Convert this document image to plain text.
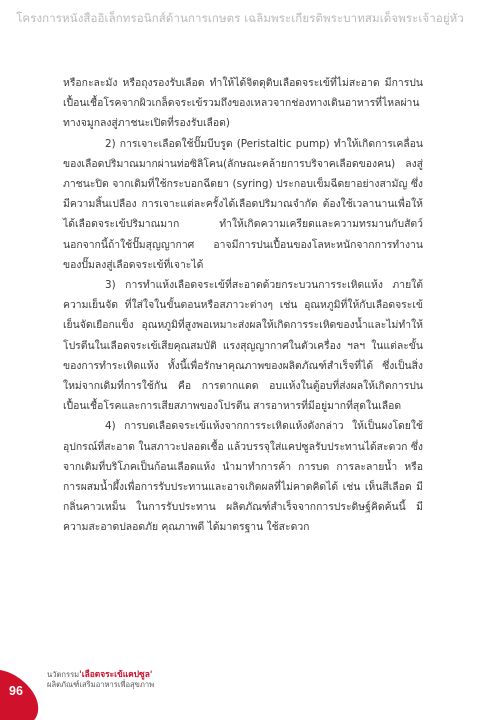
โครงการหนังสืออิเล็กทรอนิกส์ด้านการเกษตร เฉลิมพระเกียรติพระบาทสมเด็จพระเจ้าอยู่หัว

หรือกะละมัง หรือถุงรองรับเลือด ทำให้ได้จิตดุติบเลือดจระเข้ที่ไม่สะอาด มีการปนเปื้อนเชื้อโรคจากผิวเกล็ดจระเข้รวมถึงของเหลวจากช่องทางเดินอาหารที่ไหลผ่านทางจมูกลงสู่ภาชนะเปิดที่รองรับเลือด)

2) การเจาะเลือดใช้ปั๊มบีบรูด (Peristaltic pump) ทำให้เกิดการเคลื่อนของเลือดปริมาณมากผ่านท่อซิลิโคน(ลักษณะคล้ายการบริจาคเลือดของคน) ลงสู่ภาชนะปิด จากเดิมที่ใช้กระบอกฉีดยา (syring) ประกอบเข็มฉีดยาอย่างสามัญ ซึ่งมีความสิ้นเปลือง การเจาะแต่ละครั้งได้เลือดปริมาณจำกัด ต้องใช้เวลานานเพื่อให้ได้เลือดจระเข้ปริมาณมาก ทำให้เกิดความเครียดและความทรมานกับสัตว์ นอกจากนี้ถ้าใช้ปั๊มสุญญากาศ อาจมีการปนเปื้อนของโลหะหนักจากการทำงานของปั๊มลงสู่เลือดจระเข้ที่เจาะได้

3) การทำแห้งเลือดจระเข้ที่สะอาดด้วยกระบวนการระเหิดแห้ง ภายใต้ความเย็นจัด ที่ใส่ใจในขั้นตอนหรือสภาวะต่างๆ เช่น อุณหภูมิที่ให้กับเลือดจระเข้เย็นจัดเยือกแข็ง อุณหภูมิที่สูงพอเหมาะส่งผลให้เกิดการระเหิดของน้ำและไม่ทำให้โปรตีนในเลือดจระเข้เสียคุณสมบัติ แรงสุญญากาศในตัวเครื่อง ฯลฯ ในแต่ละขั้นของการทำระเหิดแห้ง ทั้งนี้เพื่อรักษาคุณภาพของผลิตภัณฑ์สำเร็จที่ได้ ซึ่งเป็นสิ่งใหม่จากเดิมที่การใช้กัน คือ การตากแดด อบแห้งในตู้อบที่ส่งผลให้เกิดการปนเปื้อนเชื้อโรคและการเสียสภาพของโปรตีน สารอาหารที่มีอยู่มากที่สุดในเลือด

4) การบดเลือดจระเข้แห้งจากการระเหิดแห้งดังกล่าว ให้เป็นผงโดยใช้อุปกรณ์ที่สะอาด ในสภาวะปลอดเชื้อ แล้วบรรจุใส่แคปซูลรับประทานได้สะดวก ซึ่งจากเดิมที่บริโภคเป็นก้อนเลือดแห้ง นำมาทำการค้า การบด การละลายน้ำ หรือการผสมน้ำผึ้งเพื่อการรับประทานและอาจเกิดผลที่ไม่คาดคิดได้ เช่น เห็นสีเลือด มีกลิ่นคาวเหม็น ในการรับประทาน ผลิตภัณฑ์สำเร็จจากการประดิษฐ์คิดค้นนี้ มีความสะอาดปลอดภัย คุณภาพดี ได้มาตรฐาน ใช้สะดวก

96
นวัตกรรม'เลือดจระเข้แคปซูล'
ผลิตภัณฑ์เสริมอาหารเพื่อสุขภาพ
